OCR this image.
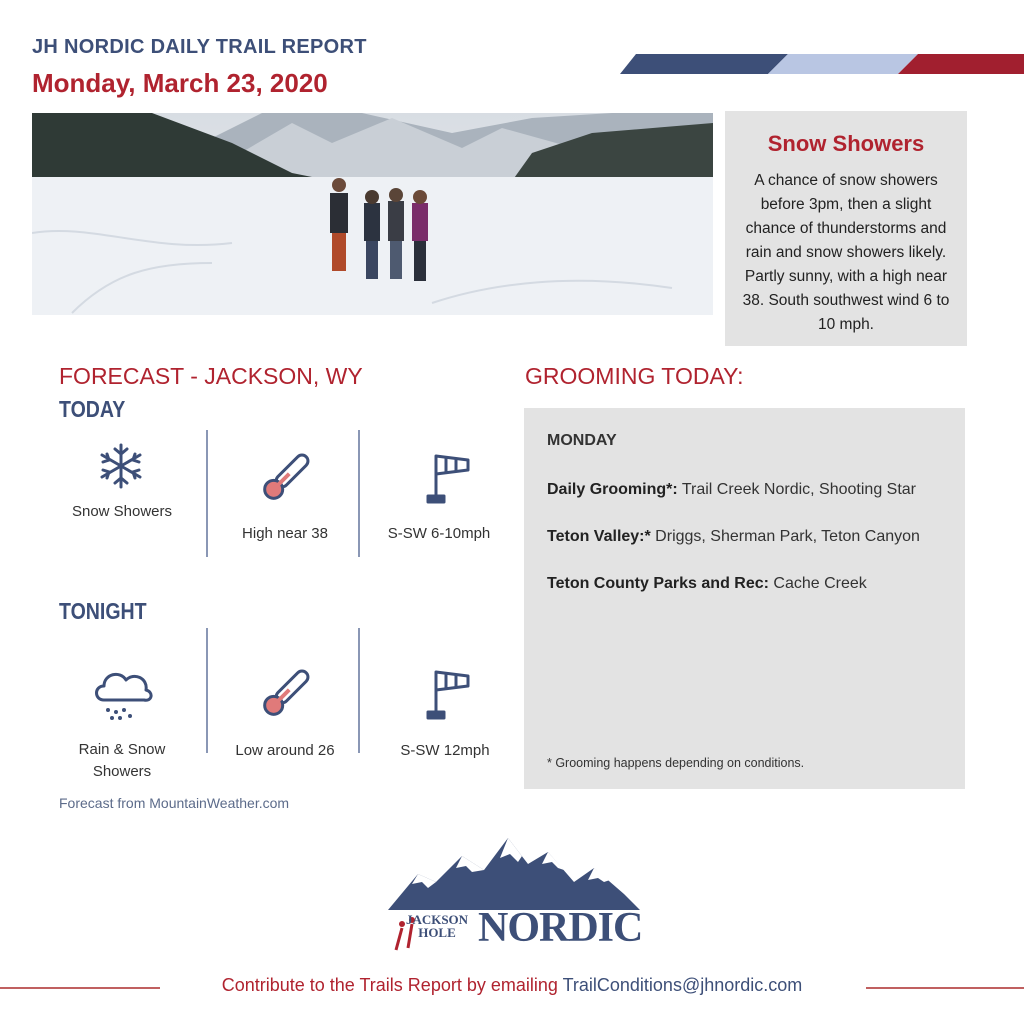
JH NORDIC DAILY TRAIL REPORT
Monday, March 23, 2020
Snow Showers
A chance of snow showers before 3pm, then a slight chance of thunderstorms and rain and snow showers likely. Partly sunny, with a high near 38. South southwest wind 6 to 10 mph.
FORECAST - JACKSON, WY
TODAY
Snow Showers
High near 38	S-SW 6-10mph
TONIGHT
Rain & Snow Showers
Low around 26	S-SW 12mph
Forecast from MountainWeather.com
GROOMING TODAY:
MONDAY
Daily Grooming*: Trail Creek Nordic, Shooting Star
Teton Valley:* Driggs, Sherman Park, Teton Canyon
Teton County Parks and Rec: Cache Creek
* Grooming happens depending on conditions.
JACKSON
HOLE NORDIC
Contribute to the Trails Report by emailing TrailConditions@jhnordic.com
